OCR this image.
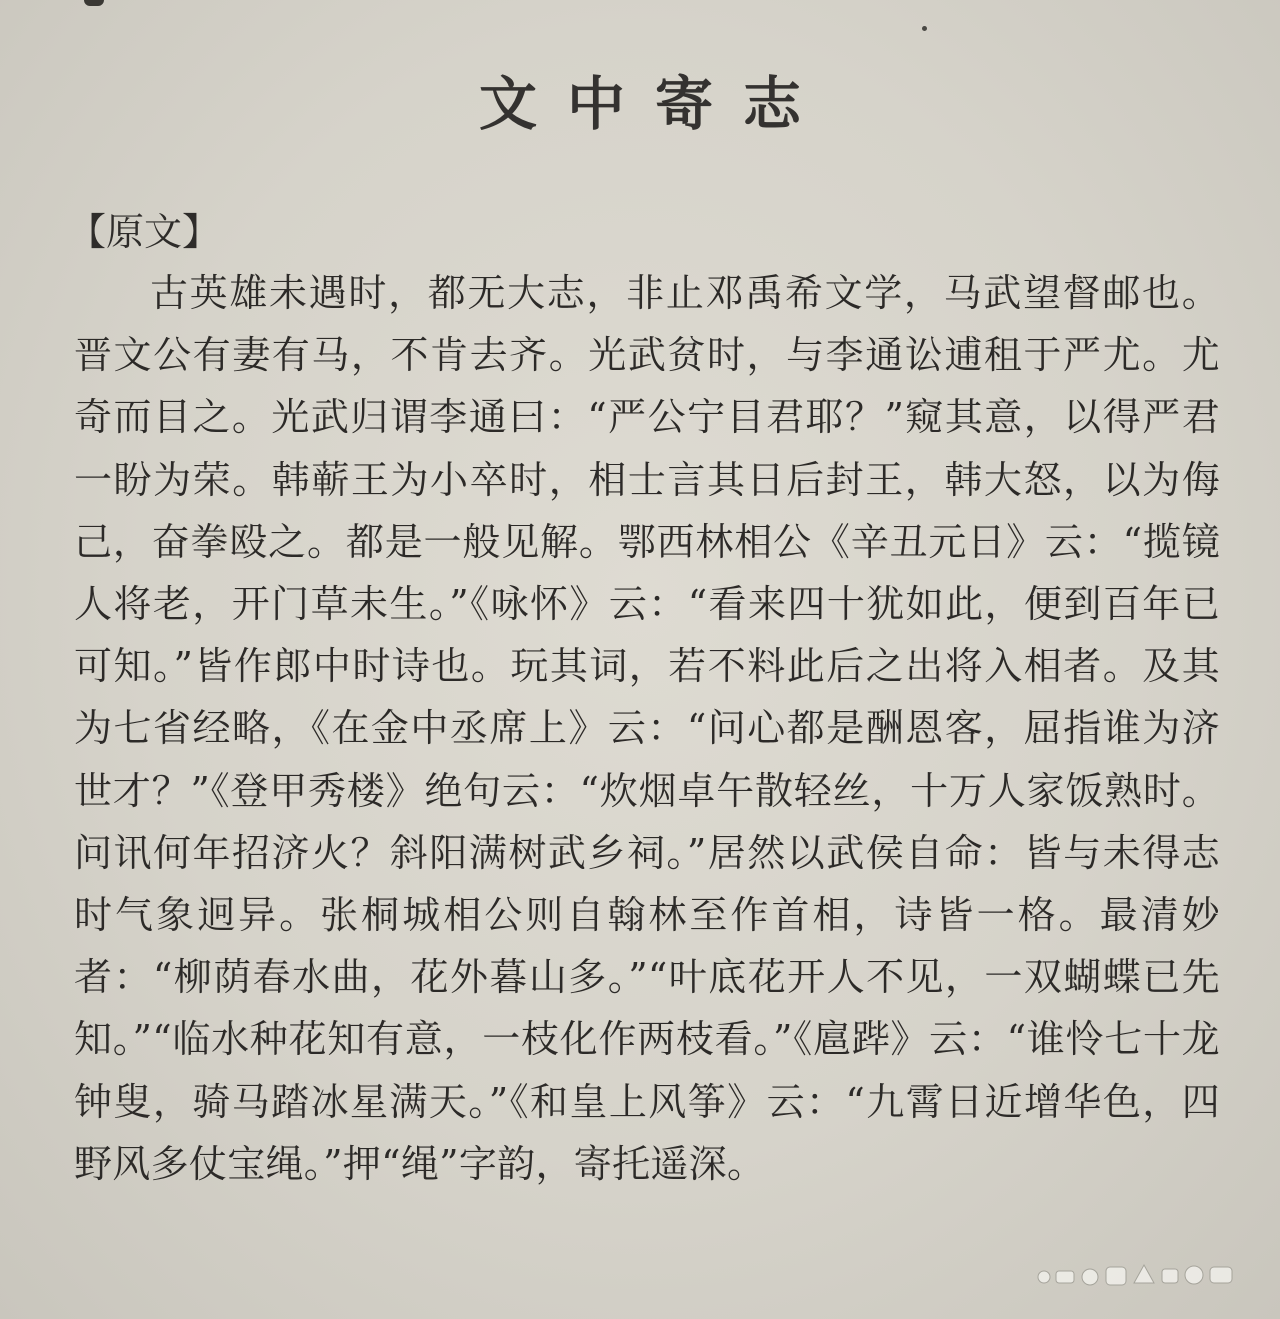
文中寄志
【原文】
古英雄未遇时，都无大志，非止邓禹希文学，马武望督邮也。晋文公有妻有马，不肯去齐。光武贫时，与李通讼逋租于严尤。尤奇而目之。光武归谓李通曰：“严公宁目君耶？”窥其意，以得严君一盼为荣。韩蕲王为小卒时，相士言其日后封王，韩大怒，以为侮己，奋拳殴之。都是一般见解。鄂西林相公《辛丑元日》云：“揽镜人将老，开门草未生。”《咏怀》云：“看来四十犹如此，便到百年已可知。”皆作郎中时诗也。玩其词，若不料此后之出将入相者。及其为七省经略，《在金中丞席上》云：“问心都是酬恩客，屈指谁为济世才？”《登甲秀楼》绝句云：“炊烟卓午散轻丝，十万人家饭熟时。问讯何年招济火？斜阳满树武乡祠。”居然以武侯自命：皆与未得志时气象迥异。张桐城相公则自翰林至作首相，诗皆一格。最清妙者：“柳荫春水曲，花外暮山多。”“叶底花开人不见，一双蝴蝶已先知。”“临水种花知有意，一枝化作两枝看。”《扈跸》云：“谁怜七十龙钟叟，骑马踏冰星满天。”《和皇上风筝》云：“九霄日近增华色，四野风多仗宝绳。”押“绳”字韵，寄托遥深。
